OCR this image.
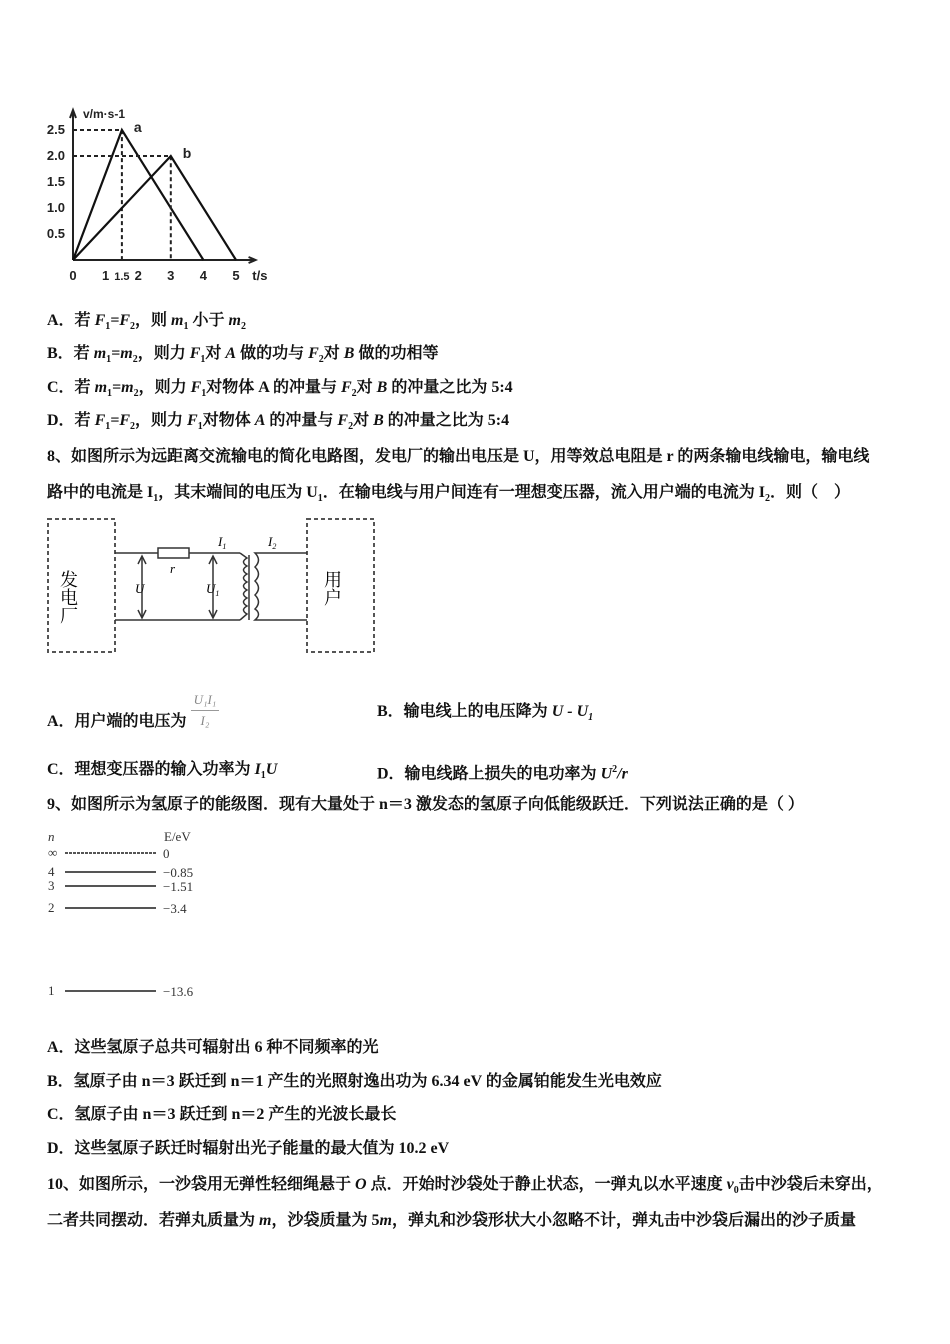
0.5
1.0
1.5
2.0
2.5
0 1 1.5 2 3 4 5 t/s
v/m·s-1
a
b
A．若 $F_1=F_2$，则 $m_1$ 小于 $m_2$
B．若 $m_1=m_2$，则力 $F_1$对 A 做的功与 $F_2$对 B 做的功相等
C．若 $m_1=m_2$，则力 $F_1$对物体 A 的冲量与 $F_2$对 B 的冲量之比为 5:4
D．若 $F_1=F_2$，则力 $F_1$对物体 A 的冲量与 $F_2$对 B 的冲量之比为 5:4
8、如图所示为远距离交流输电的简化电路图，发电厂的输出电压是 U，用等效总电阻是 r 的两条输电线输电，输电线
路中的电流是 $I_1$，其末端间的电压为 $U_1$．在输电线与用户间连有一理想变压器，流入用户端的电流为 $I_2$．则（　）
发电厂	用户
r
U	$U_1$
$I_1$	$I_2$
A．用户端的电压为 $\frac{\text{U₁I₁}}{\text{I₂}}$	B．输电线上的电压降为 U - $U_1$
C．理想变压器的输入功率为 $I_1U$	D．输电线路上损失的电功率为 $U^2/r$
9、如图所示为氢原子的能级图．现有大量处于 n＝3 激发态的氢原子向低能级跃迁．下列说法正确的是（ ）
n	E/eV
∞	0
4	−0.85
3	−1.51
2	−3.4
1	−13.6
A．这些氢原子总共可辐射出 6 种不同频率的光
B．氢原子由 n＝3 跃迁到 n＝1 产生的光照射逸出功为 6.34 eV 的金属铂能发生光电效应
C．氢原子由 n＝3 跃迁到 n＝2 产生的光波长最长
D．这些氢原子跃迁时辐射出光子能量的最大值为 10.2 eV
10、如图所示，一沙袋用无弹性轻细绳悬于 O 点．开始时沙袋处于静止状态，一弹丸以水平速度 $v_0$击中沙袋后未穿出，
二者共同摆动．若弹丸质量为 m，沙袋质量为 5m，弹丸和沙袋形状大小忽略不计，弹丸击中沙袋后漏出的沙子质量
